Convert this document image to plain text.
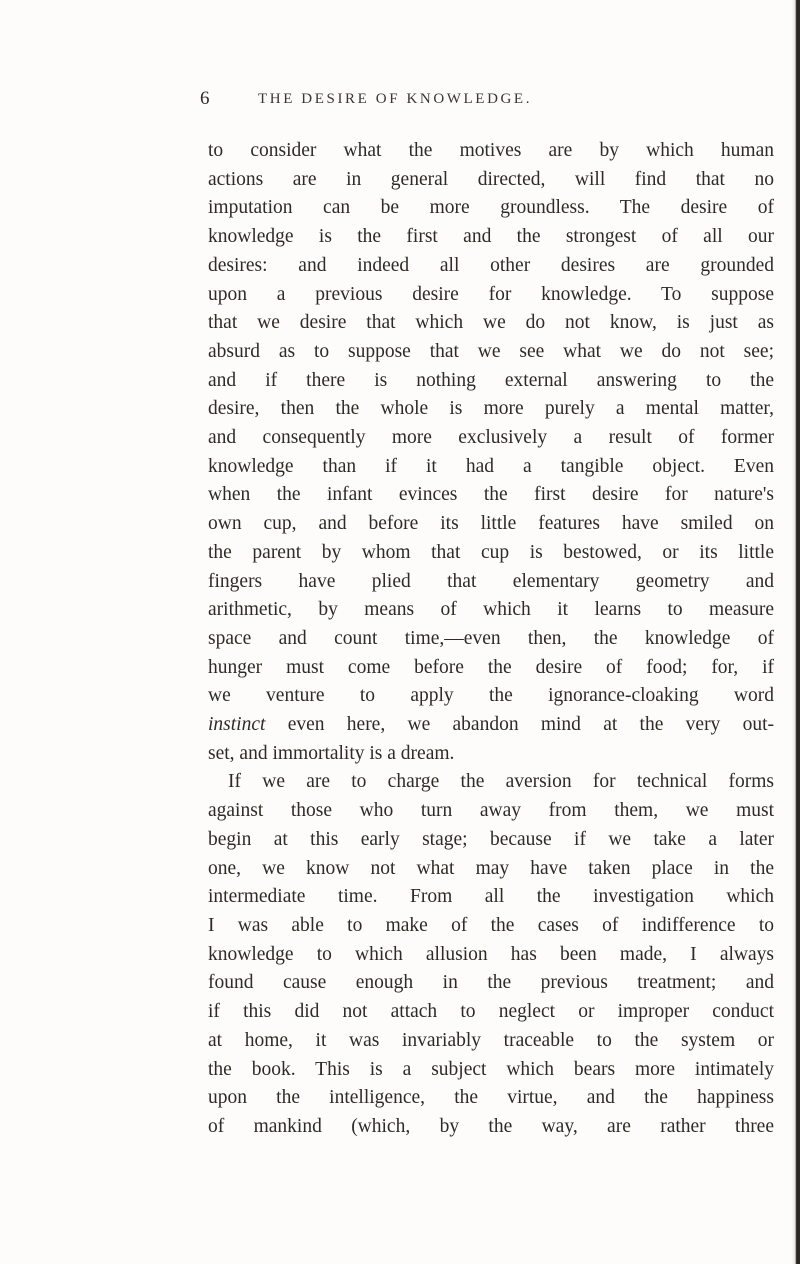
6	THE DESIRE OF KNOWLEDGE.
to consider what the motives are by which human
actions are in general directed, will find that no
imputation can be more groundless. The desire of
knowledge is the first and the strongest of all our
desires: and indeed all other desires are grounded
upon a previous desire for knowledge. To suppose
that we desire that which we do not know, is just as
absurd as to suppose that we see what we do not see;
and if there is nothing external answering to the
desire, then the whole is more purely a mental matter,
and consequently more exclusively a result of former
knowledge than if it had a tangible object. Even
when the infant evinces the first desire for nature's
own cup, and before its little features have smiled on
the parent by whom that cup is bestowed, or its little
fingers have plied that elementary geometry and
arithmetic, by means of which it learns to measure
space and count time,—even then, the knowledge of
hunger must come before the desire of food; for, if
we venture to apply the ignorance-cloaking word
instinct even here, we abandon mind at the very out-
set, and immortality is a dream.
If we are to charge the aversion for technical forms
against those who turn away from them, we must
begin at this early stage; because if we take a later
one, we know not what may have taken place in the
intermediate time. From all the investigation which
I was able to make of the cases of indifference to
knowledge to which allusion has been made, I always
found cause enough in the previous treatment; and
if this did not attach to neglect or improper conduct
at home, it was invariably traceable to the system or
the book. This is a subject which bears more intimately
upon the intelligence, the virtue, and the happiness
of mankind (which, by the way, are rather three
